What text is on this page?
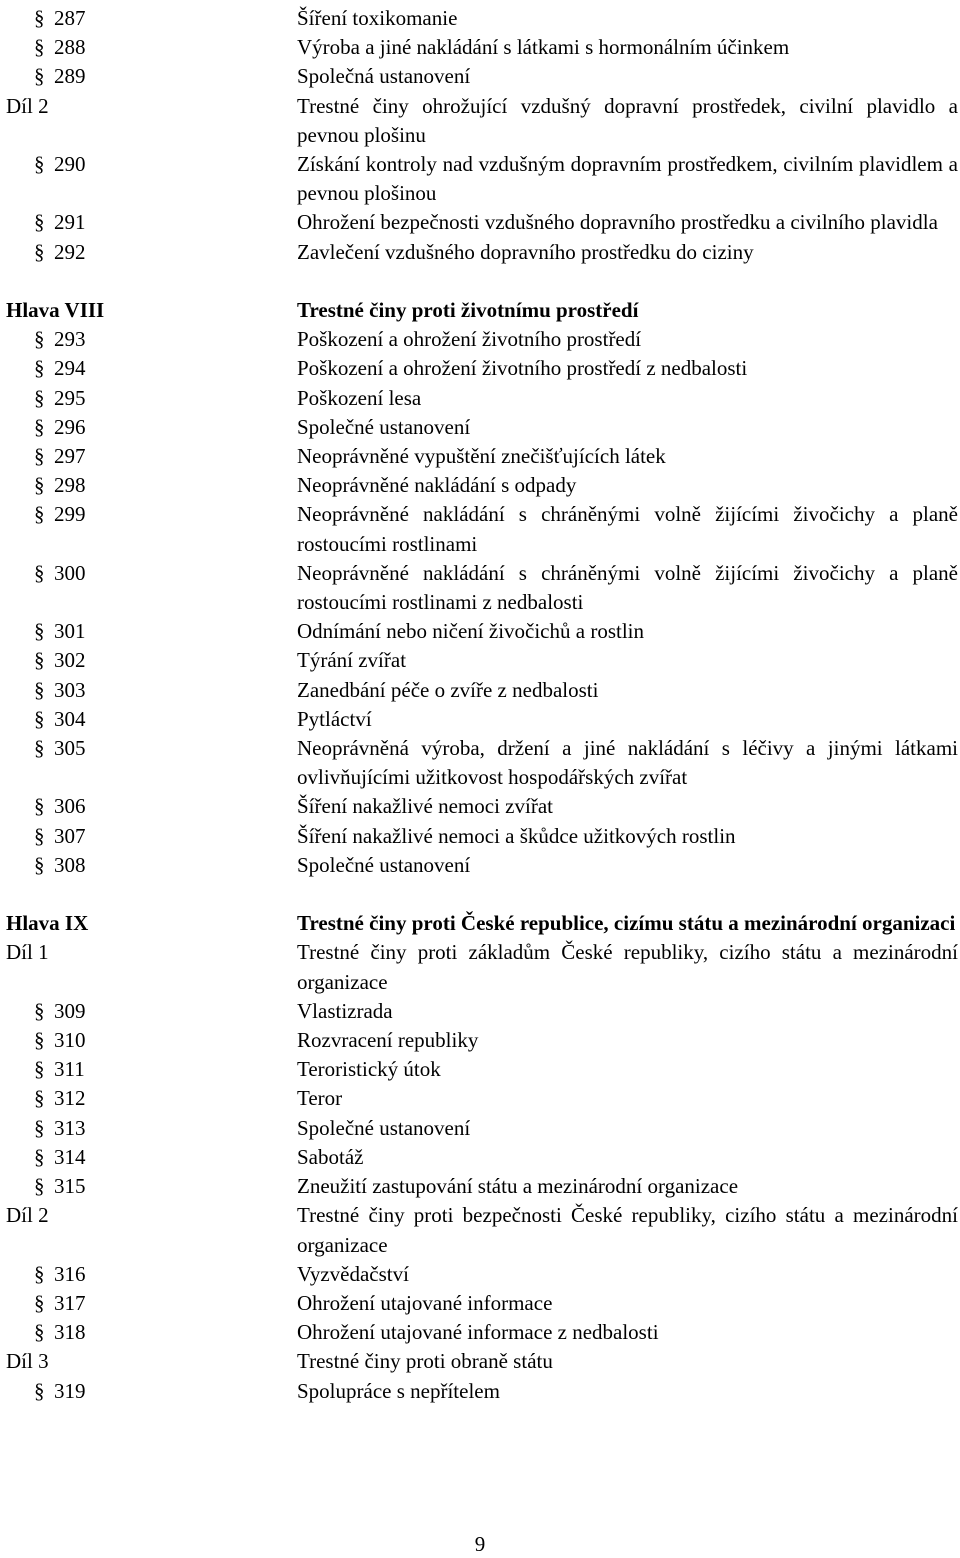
§ 287	Šíření toxikomanie
§ 288	Výroba a jiné nakládání s látkami s hormonálním účinkem
§ 289	Společná ustanovení
Díl 2	Trestné činy ohrožující vzdušný dopravní prostředek, civilní plavidlo a pevnou plošinu
§ 290	Získání kontroly nad vzdušným dopravním prostředkem, civilním plavidlem a pevnou plošinou
§ 291	Ohrožení bezpečnosti vzdušného dopravního prostředku a civilního plavidla
§ 292	Zavlečení vzdušného dopravního prostředku do ciziny
Hlava VIII	Trestné činy proti životnímu prostředí
§ 293	Poškození a ohrožení životního prostředí
§ 294	Poškození a ohrožení životního prostředí z nedbalosti
§ 295	Poškození lesa
§ 296	Společné ustanovení
§ 297	Neoprávněné vypuštění znečišťujících látek
§ 298	Neoprávněné nakládání s odpady
§ 299	Neoprávněné nakládání s chráněnými volně žijícími živočichy a planě rostoucími rostlinami
§ 300	Neoprávněné nakládání s chráněnými volně žijícími živočichy a planě rostoucími rostlinami z nedbalosti
§ 301	Odnímání nebo ničení živočichů a rostlin
§ 302	Týrání zvířat
§ 303	Zanedbání péče o zvíře z nedbalosti
§ 304	Pytláctví
§ 305	Neoprávněná výroba, držení a jiné nakládání s léčivy a jinými látkami ovlivňujícími užitkovost hospodářských zvířat
§ 306	Šíření nakažlivé nemoci zvířat
§ 307	Šíření nakažlivé nemoci a škůdce užitkových rostlin
§ 308	Společné ustanovení
Hlava IX	Trestné činy proti České republice, cizímu státu a mezinárodní organizaci
Díl 1	Trestné činy proti základům České republiky, cizího státu a mezinárodní organizace
§ 309	Vlastizrada
§ 310	Rozvracení republiky
§ 311	Teroristický útok
§ 312	Teror
§ 313	Společné ustanovení
§ 314	Sabotáž
§ 315	Zneužití zastupování státu a mezinárodní organizace
Díl 2	Trestné činy proti bezpečnosti České republiky, cizího státu a mezinárodní organizace
§ 316	Vyzvědačství
§ 317	Ohrožení utajované informace
§ 318	Ohrožení utajované informace z nedbalosti
Díl 3	Trestné činy proti obraně státu
§ 319	Spolupráce s nepřítelem
9
